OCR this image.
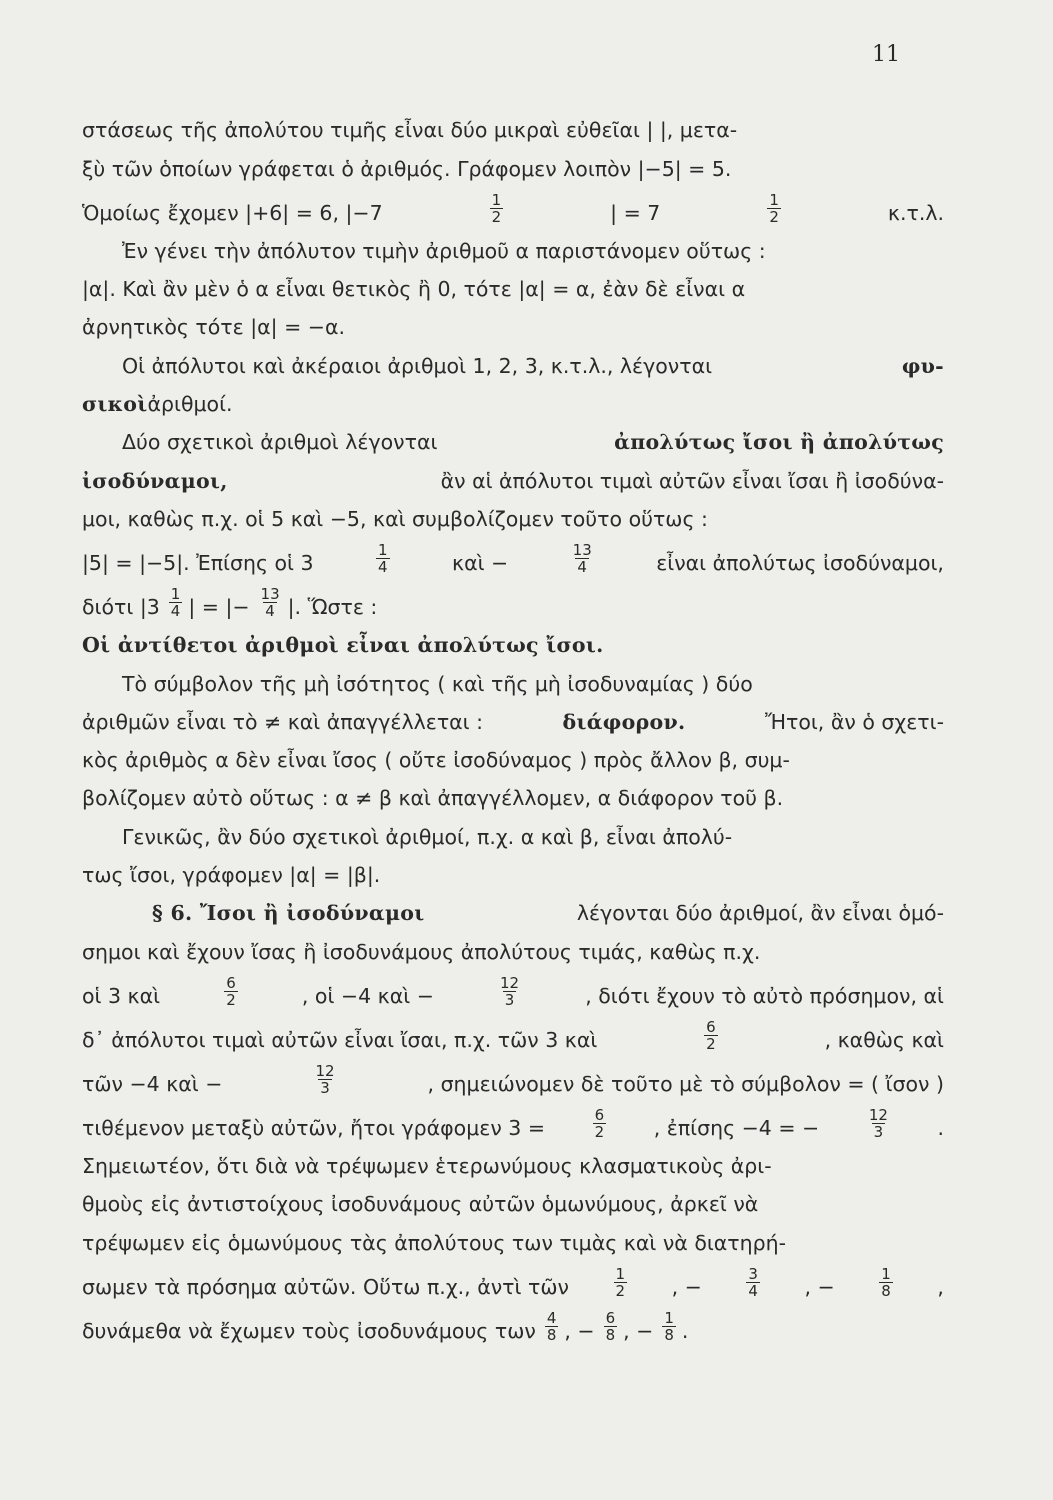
11
στάσεως τῆς ἀπολύτου τιμῆς εἶναι δύο μικραὶ εὐθεῖαι | |, μετα-
ξὺ τῶν ὁποίων γράφεται ὁ ἀριθμός. Γράφομεν λοιπὸν |−5| = 5.
Ὁμοίως ἔχομεν |+6| = 6, |−7	$\frac{1}{2}$	| = 7	$\frac{1}{2}$	κ.τ.λ.
Ἐν γένει τὴν ἀπόλυτον τιμὴν ἀριθμοῦ α παριστάνομεν οὕτως :
|α|. Καὶ ἂν μὲν ὁ α εἶναι θετικὸς ἢ 0, τότε |α| = α, ἐὰν δὲ εἶναι α
ἀρνητικὸς τότε |α| = −α.
Οἱ ἀπόλυτοι καὶ ἀκέραιοι ἀριθμοὶ 1, 2, 3, κ.τ.λ., λέγονται	φυ-
σικοὶ ἀριθμοί.
Δύο σχετικοὶ ἀριθμοὶ λέγονται	ἀπολύτως ἴσοι ἢ ἀπολύτως
ἰσοδύναμοι,	ἂν αἱ ἀπόλυτοι τιμαὶ αὐτῶν εἶναι ἴσαι ἢ ἰσοδύνα-
μοι, καθὼς π.χ. οἱ 5 καὶ −5, καὶ συμβολίζομεν τοῦτο οὕτως :
|5| = |−5|. Ἐπίσης οἱ 3	$\frac{1}{4}$	καὶ −	$\frac{13}{4}$	εἶναι ἀπολύτως ἰσοδύναμοι,
διότι $|3 \frac{1}{4}$ | = |− $\frac{13}{4}$ |. Ὥστε :
Οἱ ἀντίθετοι ἀριθμοὶ εἶναι ἀπολύτως ἴσοι.
Τὸ σύμβολον τῆς μὴ ἰσότητος ( καὶ τῆς μὴ ἰσοδυναμίας ) δύο
ἀριθμῶν εἶναι τὸ ≠ καὶ ἀπαγγέλλεται :	διάφορον.	Ἤτοι, ἂν ὁ σχετι-
κὸς ἀριθμὸς α δὲν εἶναι ἴσος ( οὔτε ἰσοδύναμος ) πρὸς ἄλλον β, συμ-
βολίζομεν αὐτὸ οὕτως : α ≠ β καὶ ἀπαγγέλλομεν, α διάφορον τοῦ β.
Γενικῶς, ἂν δύο σχετικοὶ ἀριθμοί, π.χ. α καὶ β, εἶναι ἀπολύ-
τως ἴσοι, γράφομεν |α| = |β|.
§ 6. Ἴσοι ἢ ἰσοδύναμοι	λέγονται δύο ἀριθμοί, ἂν εἶναι ὁμό-
σημοι καὶ ἔχουν ἴσας ἢ ἰσοδυνάμους ἀπολύτους τιμάς, καθὼς π.χ.
οἱ 3 καὶ	$\frac{6}{2}$	, οἱ −4 καὶ −	$\frac{12}{3}$	, διότι ἔχουν τὸ αὐτὸ πρόσημον, αἱ
δ᾿ ἀπόλυτοι τιμαὶ αὐτῶν εἶναι ἴσαι, π.χ. τῶν 3 καὶ	$\frac{6}{2}$	, καθὼς καὶ
τῶν −4 καὶ −	$\frac{12}{3}$	, σημειώνομεν δὲ τοῦτο μὲ τὸ σύμβολον = ( ἴσον )
τιθέμενον μεταξὺ αὐτῶν, ἤτοι γράφομεν 3 =	$\frac{6}{2}$ , ἐπίσης −4 = −	$\frac{12}{3}$ .
Σημειωτέον, ὅτι διὰ νὰ τρέψωμεν ἑτερωνύμους κλασματικοὺς ἀρι-
θμοὺς εἰς ἀντιστοίχους ἰσοδυνάμους αὐτῶν ὁμωνύμους, ἀρκεῖ νὰ
τρέψωμεν εἰς ὁμωνύμους τὰς ἀπολύτους των τιμὰς καὶ νὰ διατηρή-
σωμεν τὰ πρόσημα αὐτῶν. Οὕτω π.χ., ἀντὶ τῶν	$\frac{1}{2}$ , −	$\frac{3}{4}$ , −	$\frac{1}{8}$ ,
δυνάμεθα νὰ ἔχωμεν τοὺς ἰσοδυνάμους των $\frac{4}{8}$ , − $\frac{6}{8}$ , − $\frac{1}{8}$ .
